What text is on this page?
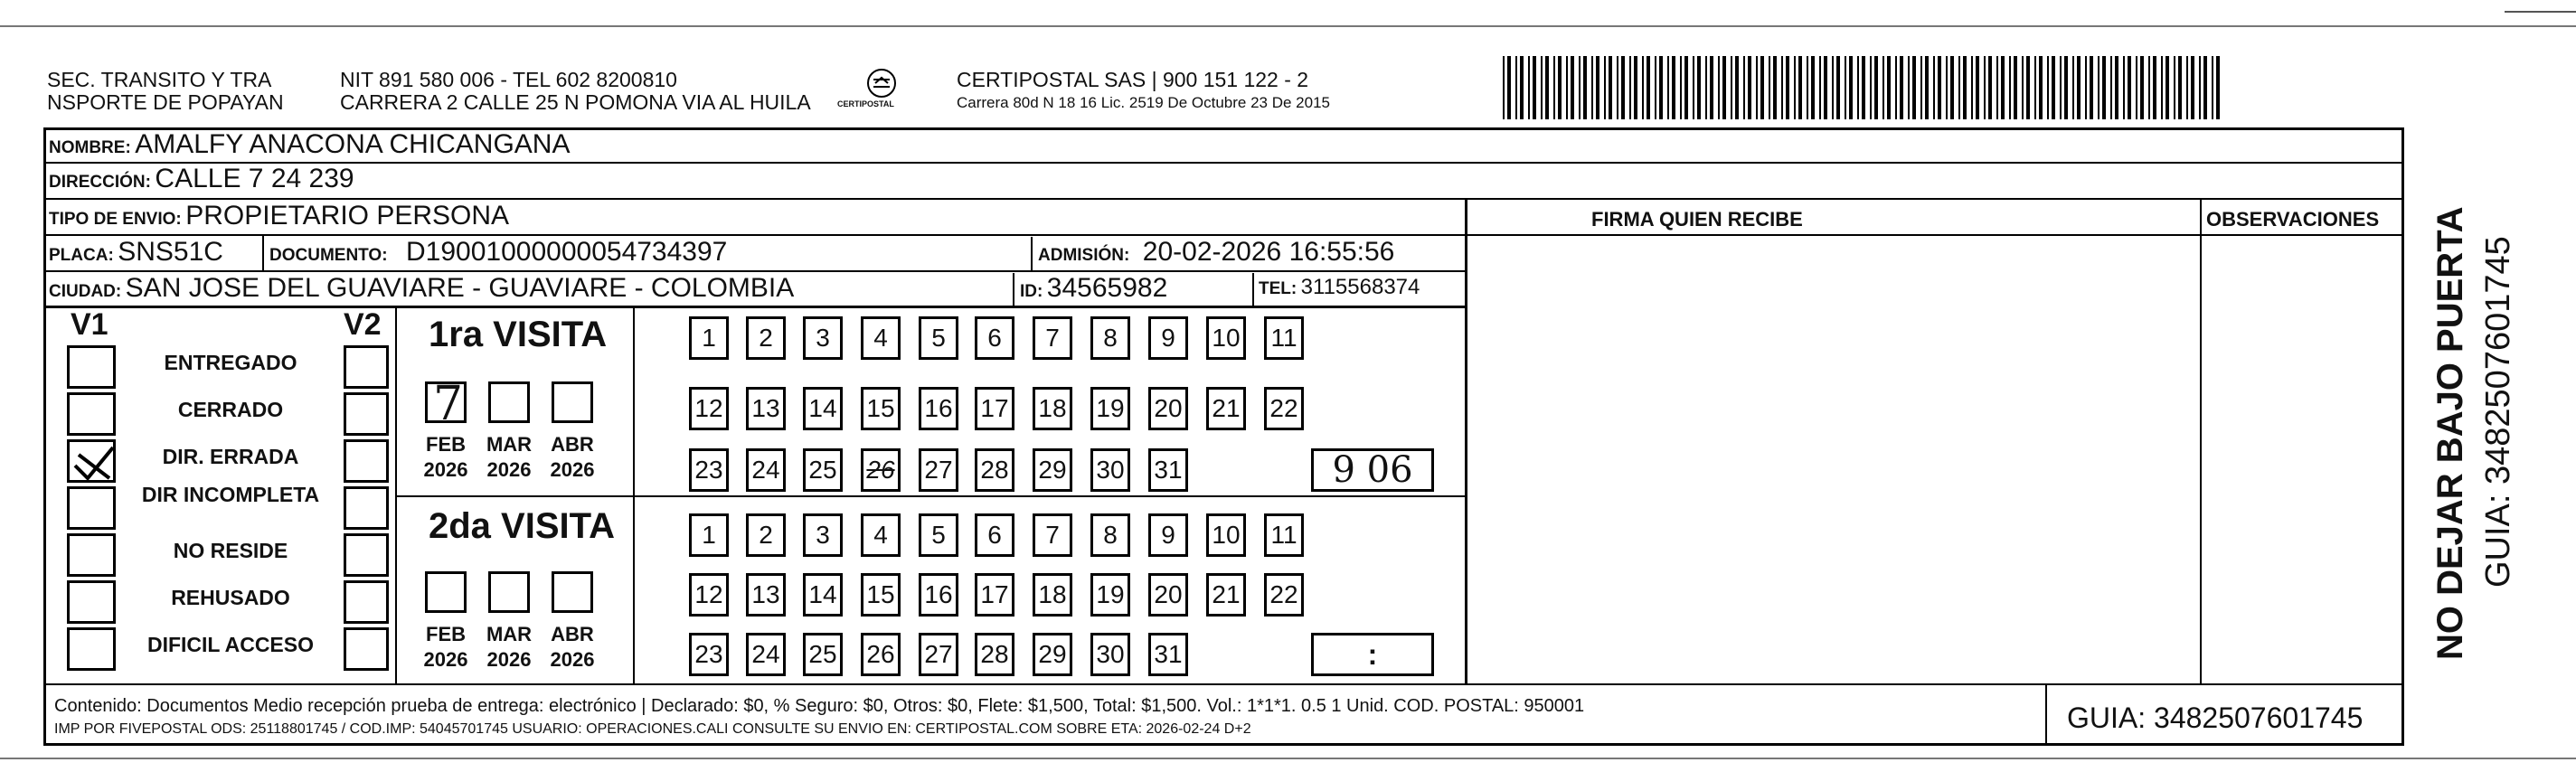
SEC. TRANSITO Y TRA
NSPORTE DE POPAYAN
NIT 891 580 006 - TEL 602 8200810
CARRERA 2 CALLE 25 N POMONA VIA AL HUILA	CERTIPOSTAL
CERTIPOSTAL SAS | 900 151 122 - 2
Carrera 80d N 18 16 Lic. 2519 De Octubre 23 De 2015
NOMBRE: AMALFY ANACONA CHICANGANA
DIRECCIÓN: CALLE 7 24 239
TIPO DE ENVIO: PROPIETARIO PERSONA	FIRMA QUIEN RECIBE	OBSERVACIONES
PLACA: SNS51C	DOCUMENTO: D19001000000054734397	ADMISIÓN: 20-02-2026 16:55:56
CIUDAD: SAN JOSE DEL GUAVIARE - GUAVIARE - COLOMBIA	ID: 34565982	TEL: 3115568374
V1	V2
ENTREGADO
CERRADO
DIR. ERRADA
DIR INCOMPLETA
NO RESIDE
REHUSADO
DIFICIL ACCESO
1ra VISITA
2da VISITA
7
FEB
2026
MAR
2026
ABR
2026
FEB
2026
MAR
2026
ABR
2026
1	2	3	4	5	6	7	8	9	10 11
12 13 14 15 16 17 18 19 20 21 22
23 24 25 26 27 28 29 30 31	9 06
1	2	3	4	5	6	7	8	9	10 11
12 13 14 15 16 17 18 19 20 21 22
23 24 25 26 27 28 29 30 31	:
Contenido: Documentos Medio recepción prueba de entrega: electrónico | Declarado: $0, % Seguro: $0, Otros: $0, Flete: $1,500, Total: $1,500. Vol.: 1*1*1. 0.5 1 Unid. COD. POSTAL: 950001
IMP POR FIVEPOSTAL ODS: 25118801745 / COD.IMP: 54045701745 USUARIO: OPERACIONES.CALI CONSULTE SU ENVIO EN: CERTIPOSTAL.COM SOBRE ETA: 2026-02-24 D+2	GUIA: 3482507601745
NO DEJAR BAJO PUERTA GUIA: 3482507601745
